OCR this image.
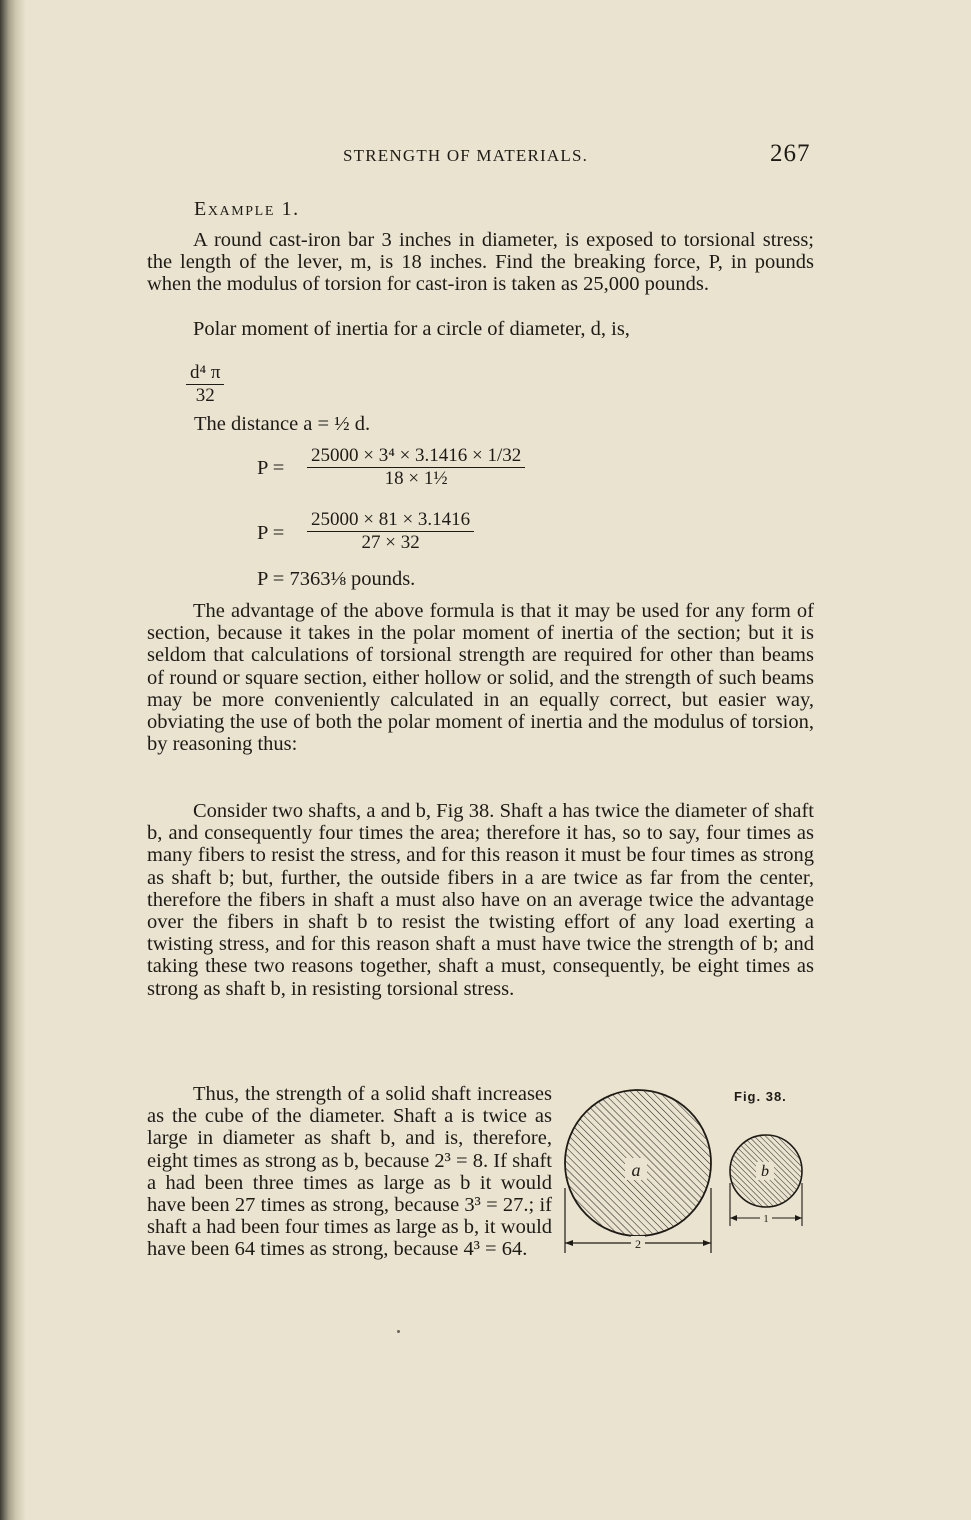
STRENGTH OF MATERIALS.	267
Example 1.

A round cast-iron bar 3 inches in diameter, is exposed to torsional stress; the length of the lever, m, is 18 inches. Find the breaking force, P, in pounds when the modulus of torsion for cast-iron is taken as 25,000 pounds.

Polar moment of inertia for a circle of diameter, d, is,

$\frac{\text{d⁴ π}}{32}$
The distance a = ½ d.
$P = \frac{\text{25000 × 3⁴ × 3.1416 × 1/32}}{\text{18 × 1½}}$
$P = \frac{25000 \times 81 \times 3.1416}{27 \times 32}$
P = 7363⅛ pounds.

The advantage of the above formula is that it may be used for any form of section, because it takes in the polar moment of inertia of the section; but it is seldom that calculations of torsional strength are required for other than beams of round or square section, either hollow or solid, and the strength of such beams may be more conveniently calculated in an equally correct, but easier way, obviating the use of both the polar moment of inertia and the modulus of torsion, by reasoning thus:

Consider two shafts, a and b, Fig 38. Shaft a has twice the diameter of shaft b, and consequently four times the area; therefore it has, so to say, four times as many fibers to resist the stress, and for this reason it must be four times as strong as shaft b; but, further, the outside fibers in a are twice as far from the center, therefore the fibers in shaft a must also have on an average twice the advantage over the fibers in shaft b to resist the twisting effort of any load exerting a twisting stress, and for this reason shaft a must have twice the strength of b; and taking these two reasons together, shaft a must, consequently, be eight times as strong as shaft b, in resisting torsional stress.

Thus, the strength of a solid shaft increases as the cube of the diameter. Shaft a is twice as large in diameter as shaft b, and is, therefore, eight times as strong as b, because 2³ = 8. If shaft a had been three times as large as b it would have been 27 times as strong, because 3³ = 27.; if shaft a had been four times as large as b, it would have been 64 times as strong, because 4³ = 64.

Fig. 38.
a
2
b
1
